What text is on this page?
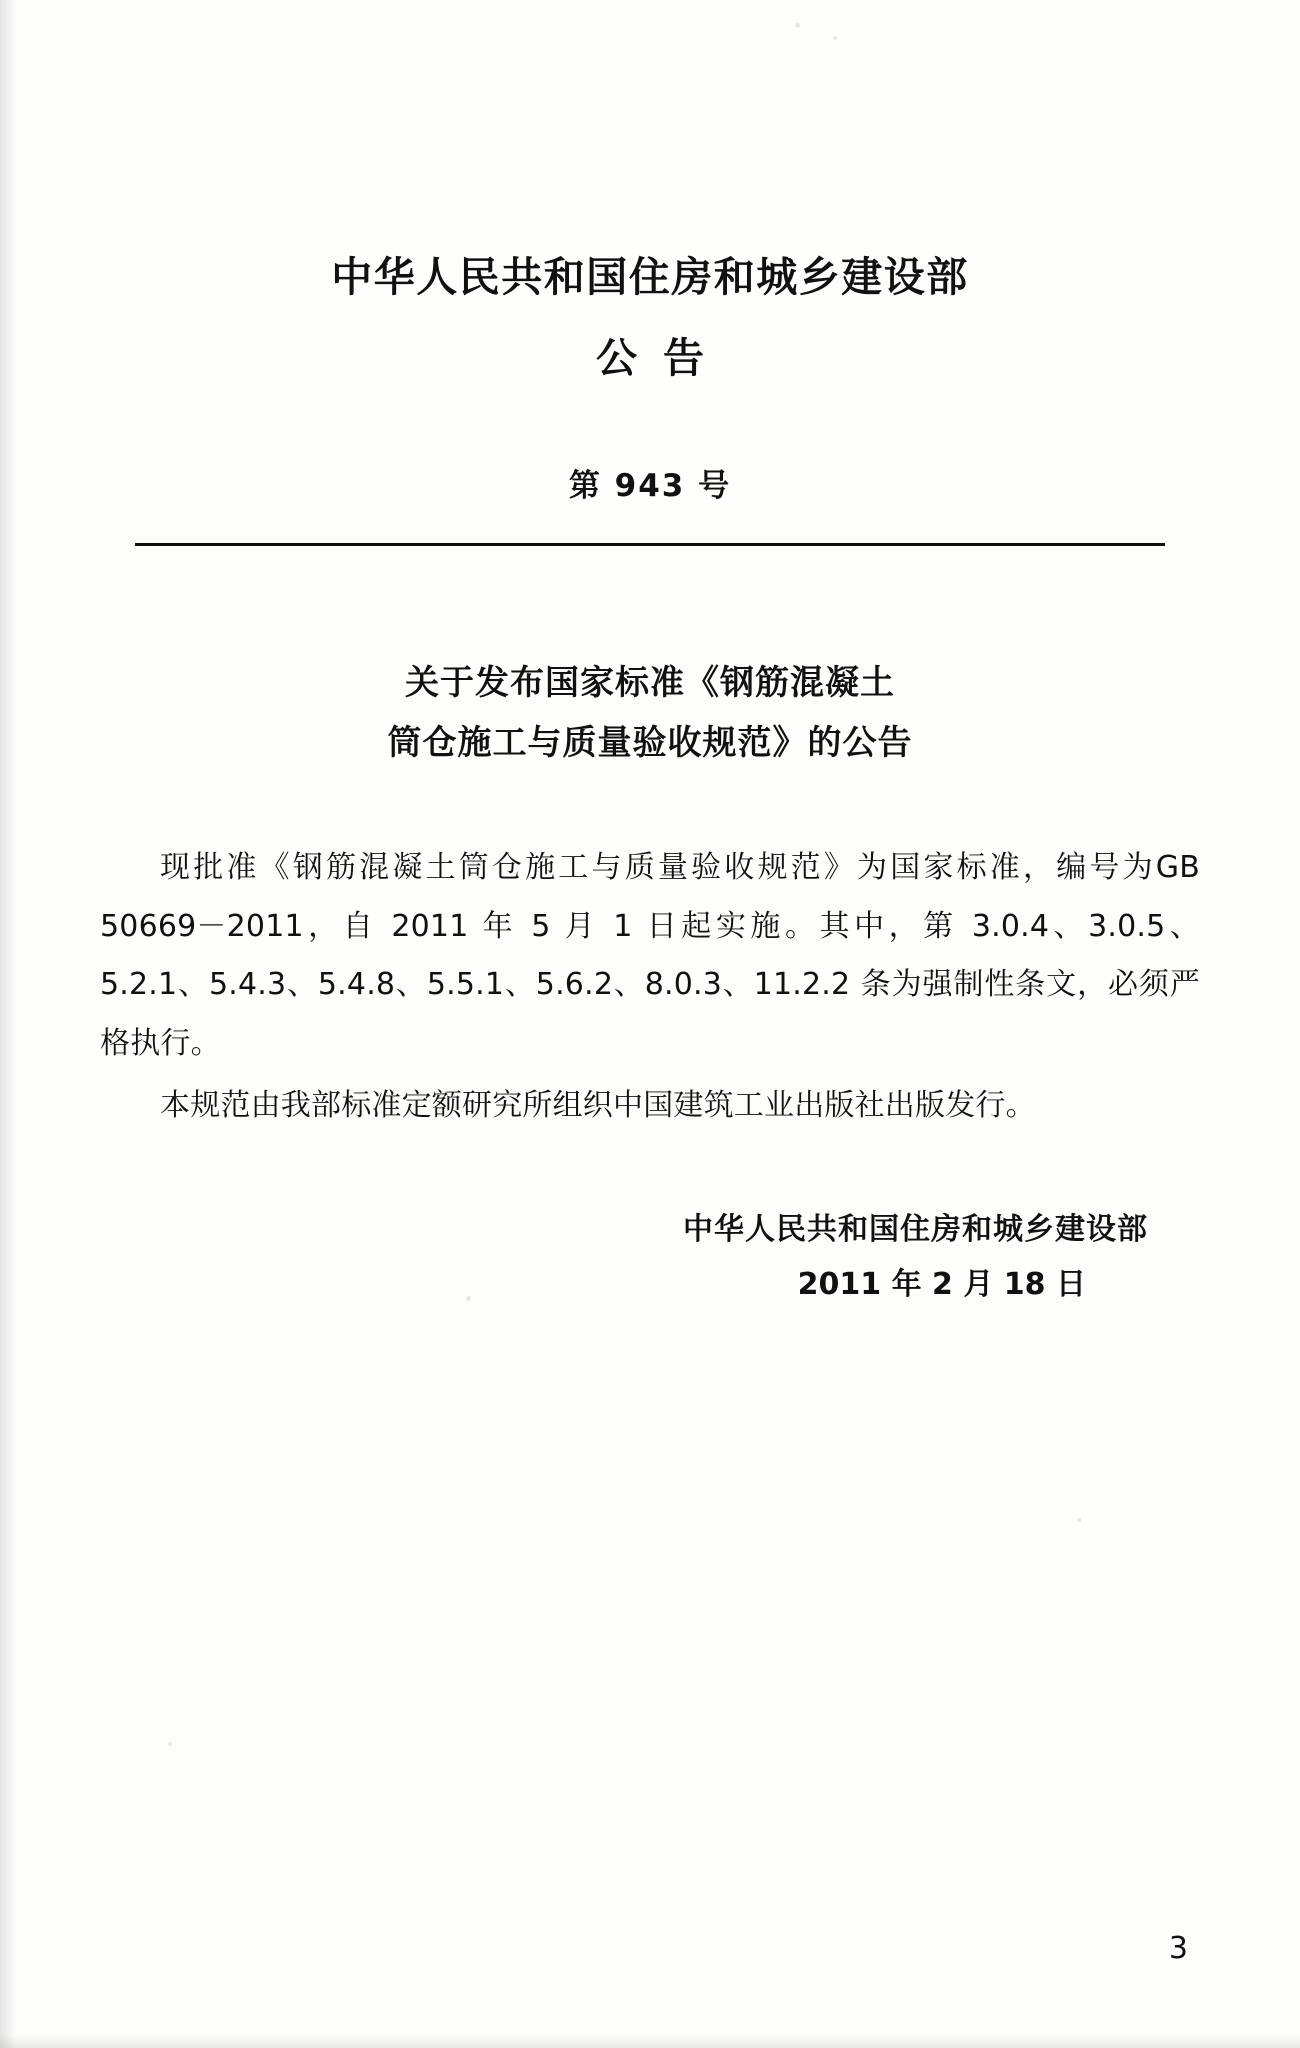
中华人民共和国住房和城乡建设部
公告
第 943 号
关于发布国家标准《钢筋混凝土
筒仓施工与质量验收规范》的公告

现批准《钢筋混凝土筒仓施工与质量验收规范》为国家标准，编号为GB 50669－2011，自 2011 年 5 月 1 日起实施。其中，第 3.0.4、3.0.5、5.2.1、5.4.3、5.4.8、5.5.1、5.6.2、8.0.3、11.2.2 条为强制性条文，必须严格执行。

本规范由我部标准定额研究所组织中国建筑工业出版社出版发行。

中华人民共和国住房和城乡建设部
2011 年 2 月 18 日
3
